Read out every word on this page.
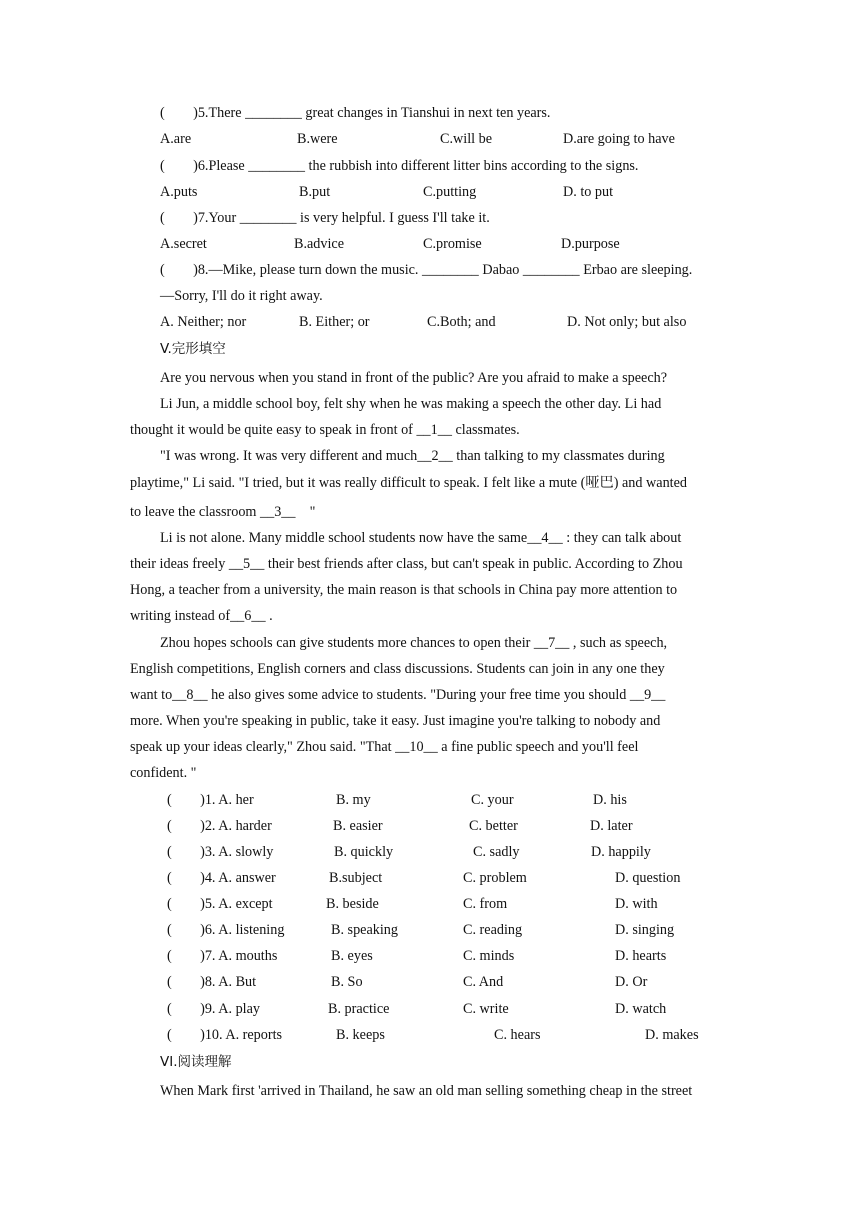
(        )5.There ________ great changes in Tianshui in next ten years.
A.are	B.were	C.will be	D.are going to have
(        )6.Please ________ the rubbish into different litter bins according to the signs.
A.puts	B.put	C.putting	D. to put
(        )7.Your ________ is very helpful. I guess I'll take it.
A.secret	B.advice	C.promise	D.purpose
(        )8.—Mike, please turn down the music. ________ Dabao ________ Erbao are sleeping.
—Sorry, I'll do it right away.
A. Neither; nor	B. Either; or	C.Both; and	D. Not only; but also
V.完形填空
Are you nervous when you stand in front of the public? Are you afraid to make a speech?
Li Jun, a middle school boy, felt shy when he was making a speech the other day. Li had
thought it would be quite easy to speak in front of __1__ classmates.
"I was wrong. It was very different and much__2__ than talking to my classmates during
playtime," Li said. "I tried, but it was really difficult to speak. I felt like a mute (哑巴) and wanted
to leave the classroom __3__    "
Li is not alone. Many middle school students now have the same__4__ : they can talk about
their ideas freely __5__ their best friends after class, but can't speak in public. According to Zhou
Hong, a teacher from a university, the main reason is that schools in China pay more attention to
writing instead of__6__ .
Zhou hopes schools can give students more chances to open their __7__ , such as speech,
English competitions, English corners and class discussions. Students can join in any one they
want to__8__ he also gives some advice to students. "During your free time you should __9__
more. When you're speaking in public, take it easy. Just imagine you're talking to nobody and
speak up your ideas clearly," Zhou said. "That __10__ a fine public speech and you'll feel
confident. "
(        )1. A. her	B. my	C. your	D. his
(        )2. A. harder	B. easier	C. better	D. later
(        )3. A. slowly	B. quickly	C. sadly	D. happily
(        )4. A. answer	B.subject	C. problem	D. question
(        )5. A. except	B. beside	C. from	D. with
(        )6. A. listening	B. speaking	C. reading	D. singing
(        )7. A. mouths	B. eyes	C. minds	D. hearts
(        )8. A. But	B. So	C. And	D. Or
(        )9. A. play	B. practice	C. write	D. watch
(        )10. A. reports	B. keeps	C. hears	D. makes
VI.阅读理解
When Mark first 'arrived in Thailand, he saw an old man selling something cheap in the street
